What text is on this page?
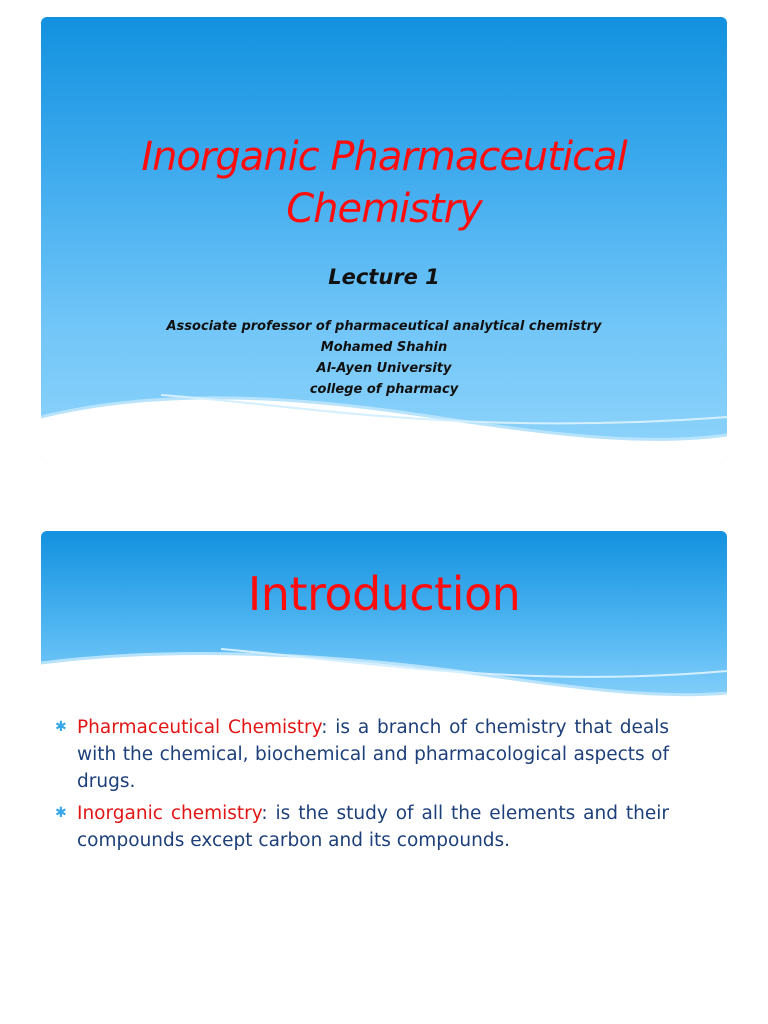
Inorganic Pharmaceutical
Chemistry
Lecture 1
Associate professor of pharmaceutical analytical chemistry
Mohamed Shahin
Al-Ayen University
college of pharmacy
Introduction
✱ Pharmaceutical Chemistry: is a branch of chemistry that deals with the chemical, biochemical and pharmacological aspects of drugs.
✱ Inorganic chemistry: is the study of all the elements and their compounds except carbon and its compounds.
